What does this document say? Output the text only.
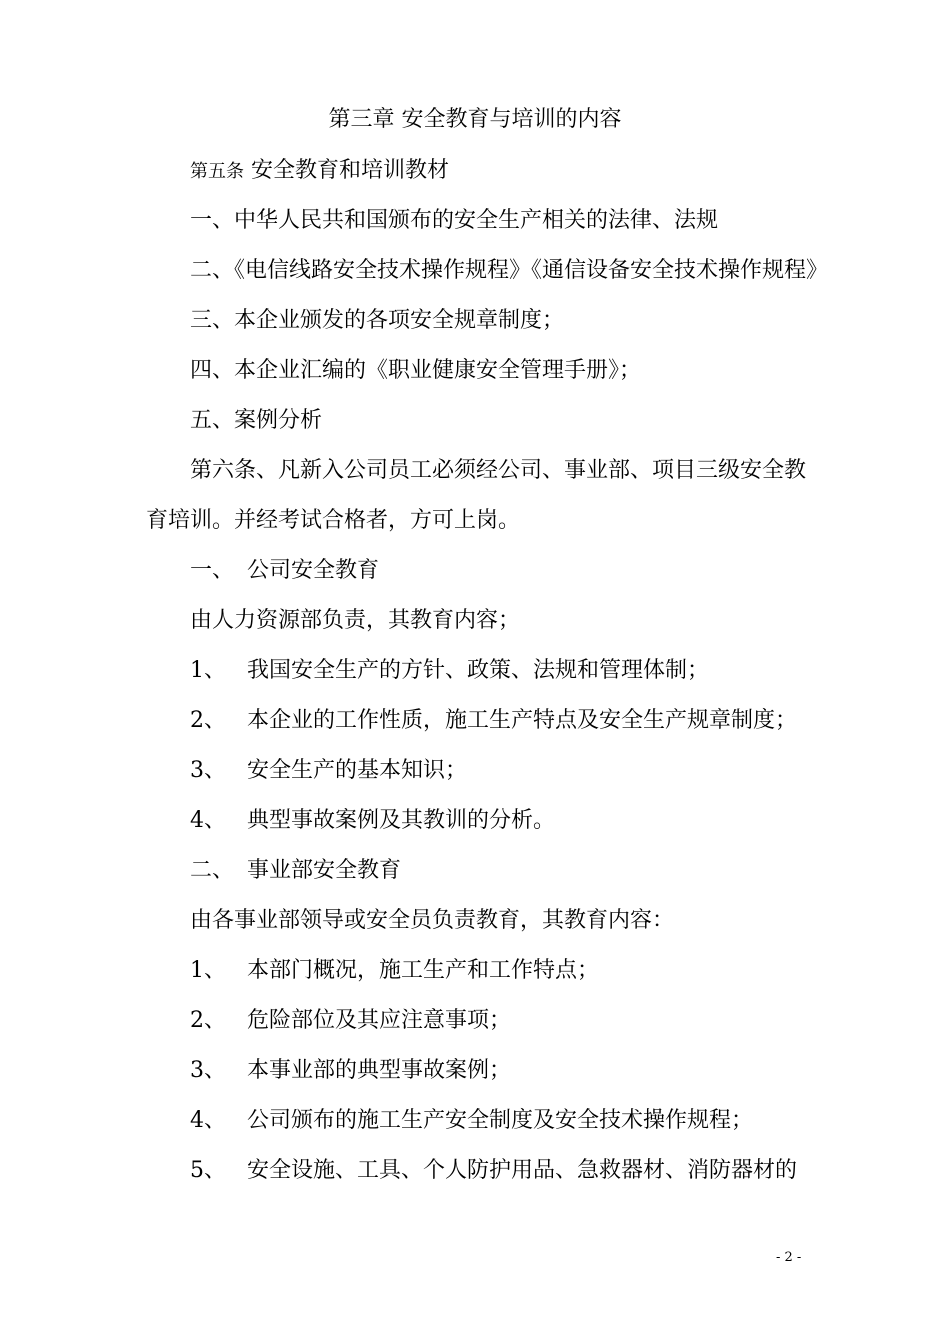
第三章 安全教育与培训的内容
第五条 安全教育和培训教材
一、中华人民共和国颁布的安全生产相关的法律、法规
二、《电信线路安全技术操作规程》《通信设备安全技术操作规程》
三、本企业颁发的各项安全规章制度；
四、本企业汇编的《职业健康安全管理手册》；
五、案例分析
第六条、凡新入公司员工必须经公司、事业部、项目三级安全教
育培训。并经考试合格者，方可上岗。
一、 公司安全教育
由人力资源部负责，其教育内容；
1、 我国安全生产的方针、政策、法规和管理体制；
2、 本企业的工作性质，施工生产特点及安全生产规章制度；
3、 安全生产的基本知识；
4、 典型事故案例及其教训的分析。
二、 事业部安全教育
由各事业部领导或安全员负责教育，其教育内容：
1、 本部门概况，施工生产和工作特点；
2、 危险部位及其应注意事项；
3、 本事业部的典型事故案例；
4、 公司颁布的施工生产安全制度及安全技术操作规程；
5、 安全设施、工具、个人防护用品、急救器材、消防器材的
- 2 -
